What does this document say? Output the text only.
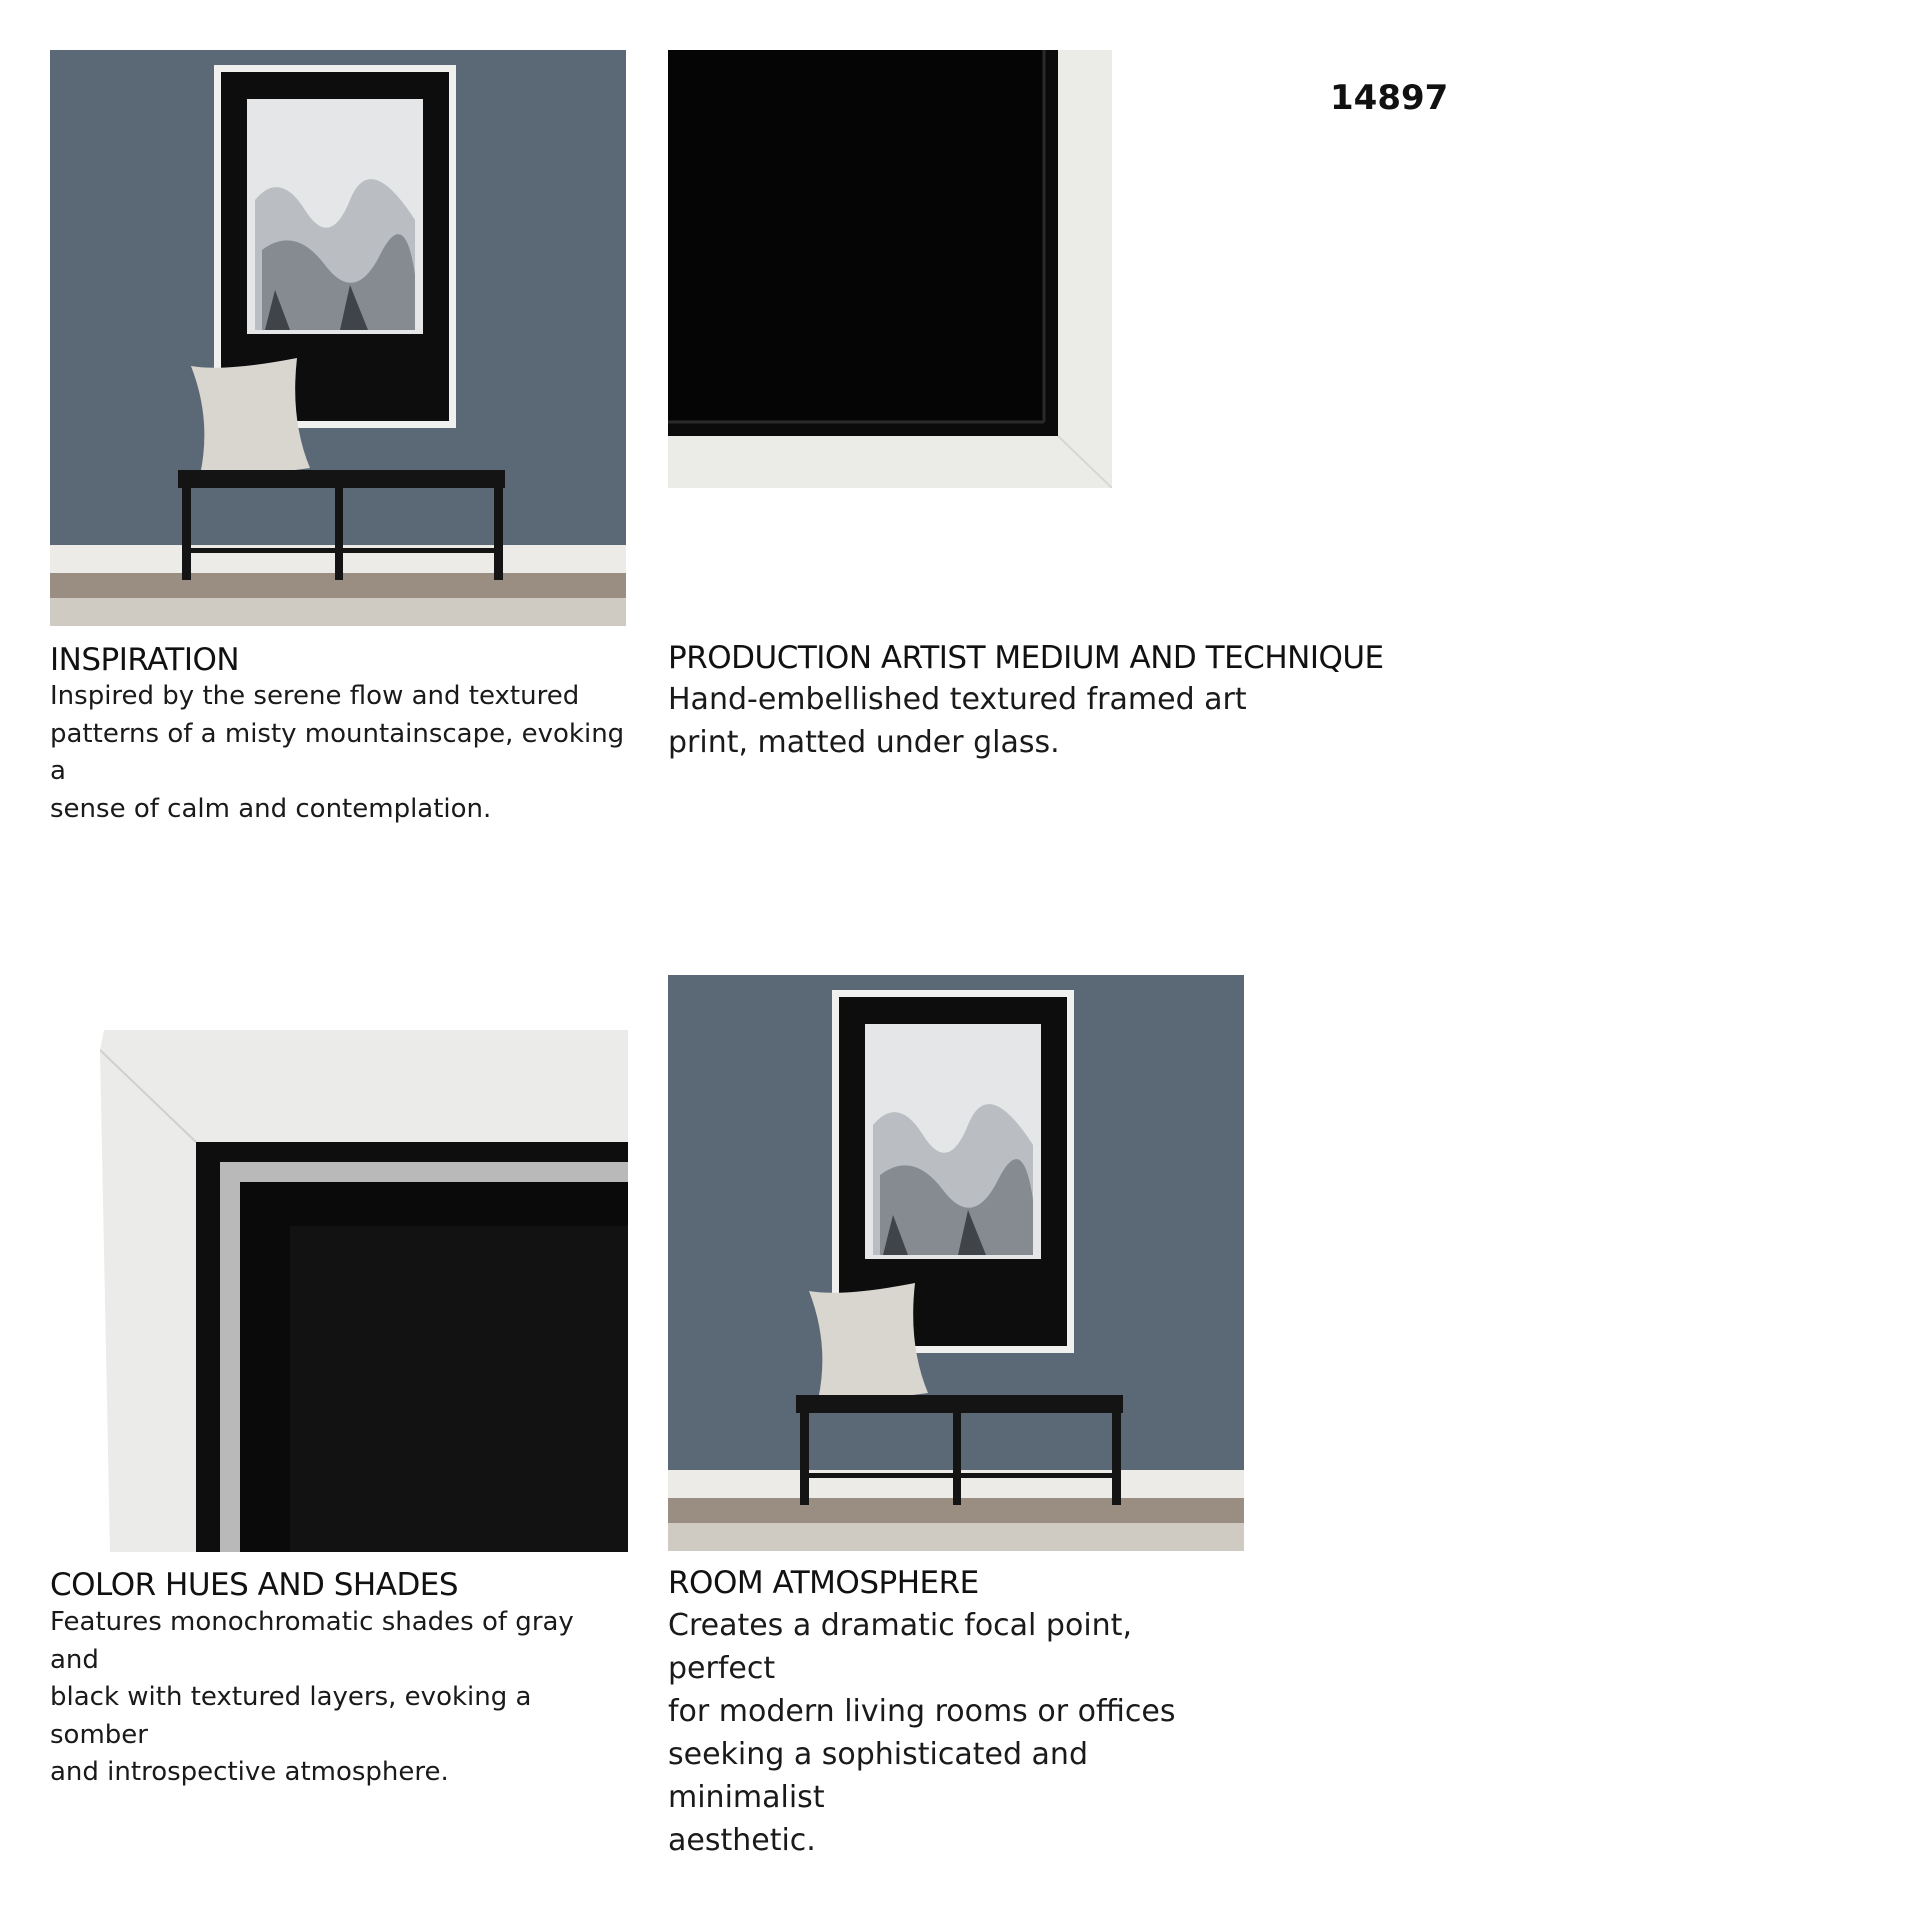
14897
INSPIRATION

Inspired by the serene flow and textured

patterns of a misty mountainscape, evoking a

sense of calm and contemplation.

PRODUCTION ARTIST MEDIUM AND TECHNIQUE

Hand-embellished textured framed art

print, matted under glass.

COLOR HUES AND SHADES

Features monochromatic shades of gray and

black with textured layers, evoking a somber

and introspective atmosphere.

ROOM ATMOSPHERE

Creates a dramatic focal point, perfect

for modern living rooms or offices

seeking a sophisticated and minimalist

aesthetic.
